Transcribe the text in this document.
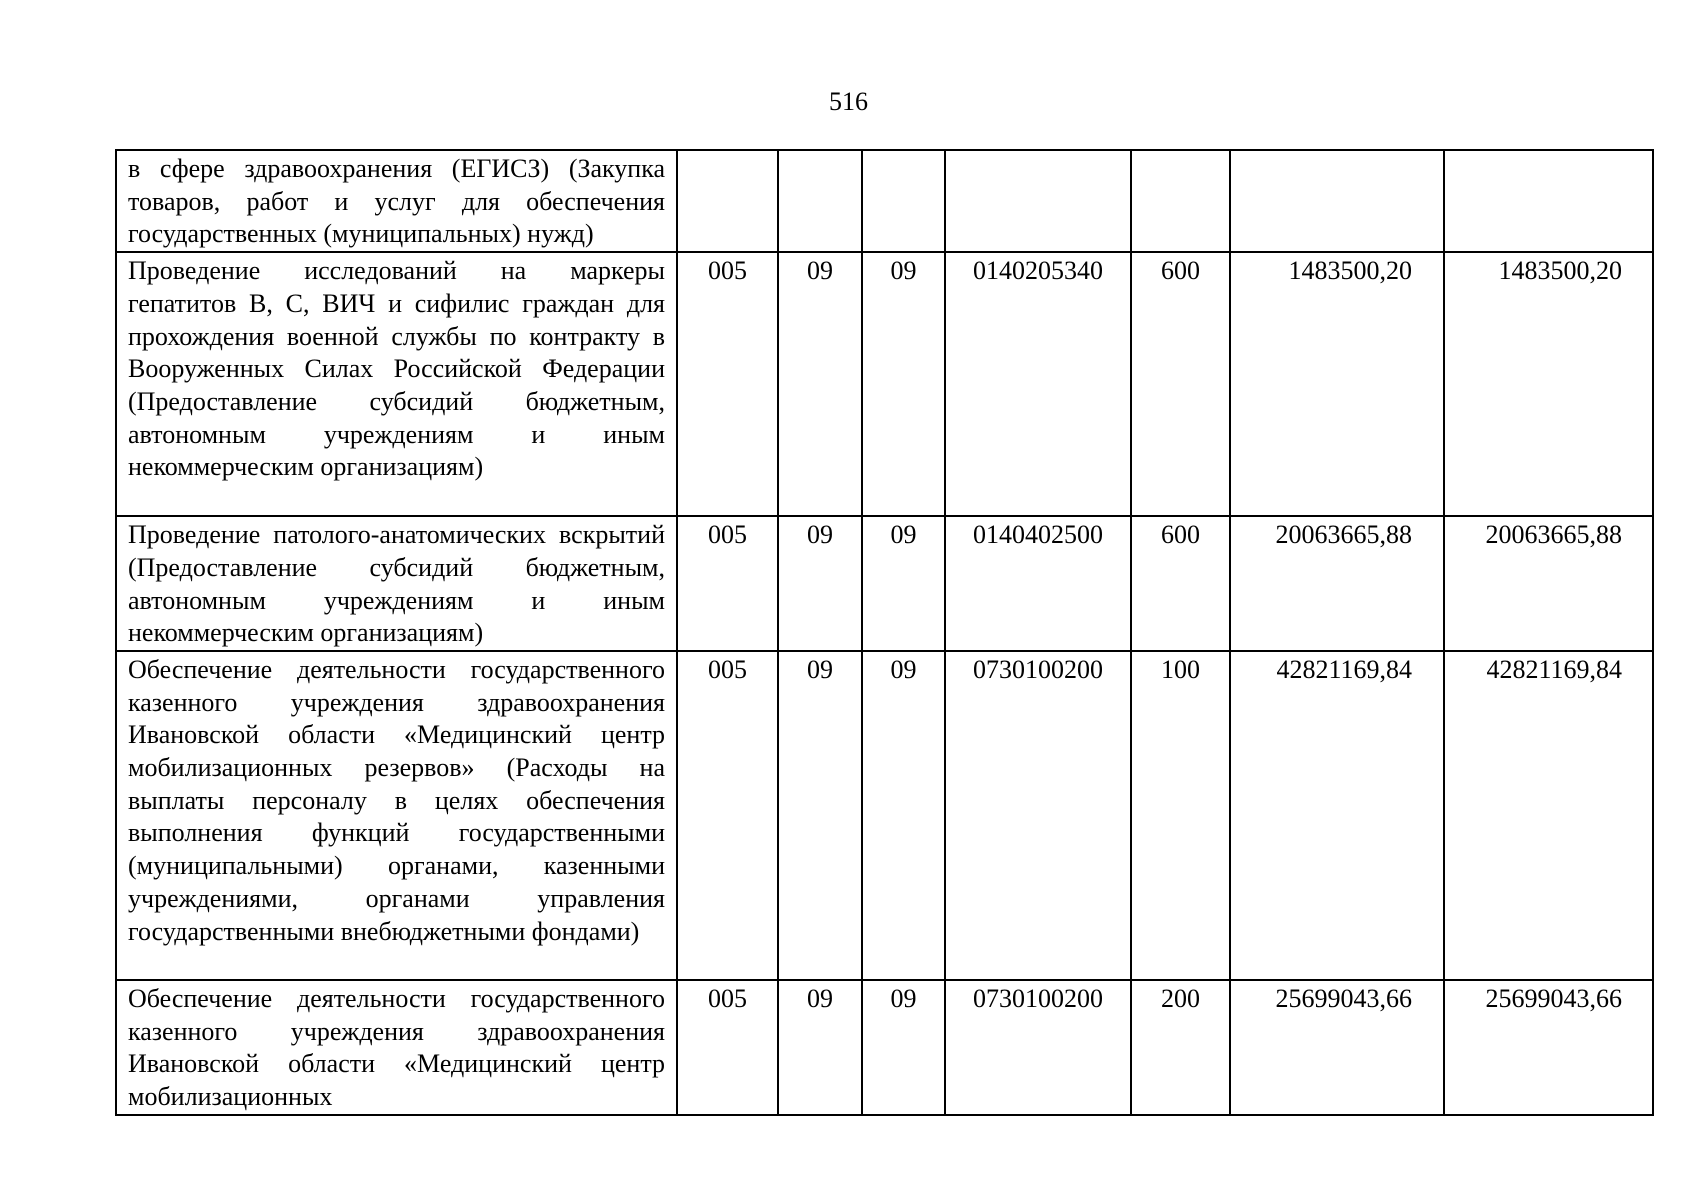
516
в сфере здравоохранения (ЕГИСЗ) (Закупка товаров, работ и услуг для обеспечения государственных (муниципальных) нужд)							

Проведение исследований на маркеры гепатитов В, С, ВИЧ и сифилис граждан для прохождения военной службы по контракту в Вооруженных Силах Российской Федерации (Предоставление субсидий бюджетным, автономным учреждениям и иным некоммерческим организациям)	005	09	09	0140205340	600	1483500,20	1483500,20

Проведение патолого-анатомических вскрытий (Предоставление субсидий бюджетным, автономным учреждениям и иным некоммерческим организациям)	005	09	09	0140402500	600	20063665,88	20063665,88

Обеспечение деятельности государственного казенного учреждения здравоохранения Ивановской области «Медицинский центр мобилизационных резервов» (Расходы на выплаты персоналу в целях обеспечения выполнения функций государственными (муниципальными) органами, казенными учреждениями, органами управления государственными внебюджетными фондами)	005	09	09	0730100200	100	42821169,84	42821169,84

Обеспечение деятельности государственного казенного учреждения здравоохранения Ивановской области «Медицинский центр мобилизационных	005	09	09	0730100200	200	25699043,66	25699043,66
